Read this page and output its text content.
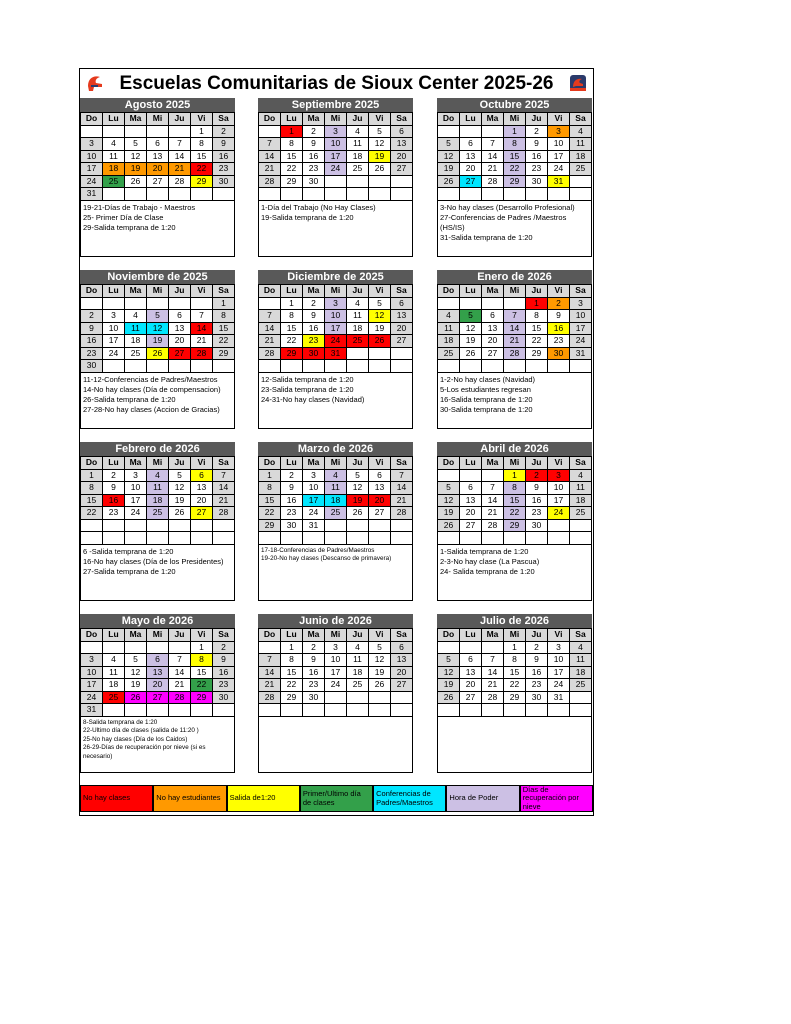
Escuelas Comunitarias de Sioux Center 2025-26
Agosto 2025
Do	Lu	Ma	Mi	Ju	Vi	Sa
					1	2
3	4	5	6	7	8	9
10	11	12	13	14	15	16
17	18	19	20	21	22	23
24	25	26	27	28	29	30
31						
19-21-Días de Trabajo - Maestros
25- Primer Día de Clase
29-Salida temprana de 1:20
Septiembre 2025
Do	Lu	Ma	Mi	Ju	Vi	Sa
	1	2	3	4	5	6
7	8	9	10	11	12	13
14	15	16	17	18	19	20
21	22	23	24	25	26	27
28	29	30				

1-Día del Trabajo (No Hay Clases)
19-Salida temprana de 1:20
Octubre 2025
Do	Lu	Ma	Mi	Ju	Vi	Sa
			1	2	3	4
5	6	7	8	9	10	11
12	13	14	15	16	17	18
19	20	21	22	23	24	25
26	27	28	29	30	31	

3-No hay clases (Desarrollo Profesional)
27-Conferencias de Padres /Maestros (HS/IS)
31-Salida temprana de 1:20
Noviembre de 2025
Do	Lu	Ma	Mi	Ju	Vi	Sa
						1
2	3	4	5	6	7	8
9	10	11	12	13	14	15
16	17	18	19	20	21	22
23	24	25	26	27	28	29
30						
11-12-Conferencias de Padres/Maestros
14-No hay clases (Día de compensacion)
26-Salida temprana de 1:20
27-28-No hay clases (Accion de Gracias)
Diciembre de 2025
Do	Lu	Ma	Mi	Ju	Vi	Sa
	1	2	3	4	5	6
7	8	9	10	11	12	13
14	15	16	17	18	19	20
21	22	23	24	25	26	27
28	29	30	31			

12-Salida temprana de 1:20
23-Salida temprana de 1:20
24-31-No hay clases (Navidad)
Enero de 2026
Do	Lu	Ma	Mi	Ju	Vi	Sa
				1	2	3
4	5	6	7	8	9	10
11	12	13	14	15	16	17
18	19	20	21	22	23	24
25	26	27	28	29	30	31

1-2-No hay clases (Navidad)
5-Los estudiantes regresan
16-Salida temprana de 1:20
30-Salida temprana de 1:20
Febrero de 2026
Do	Lu	Ma	Mi	Ju	Vi	Sa
1	2	3	4	5	6	7
8	9	10	11	12	13	14
15	16	17	18	19	20	21
22	23	24	25	26	27	28

6 -Salida temprana de 1:20
16-No hay clases (Día de los Presidentes)
27-Salida temprana de 1:20
Marzo de 2026
Do	Lu	Ma	Mi	Ju	Vi	Sa
1	2	3	4	5	6	7
8	9	10	11	12	13	14
15	16	17	18	19	20	21
22	23	24	25	26	27	28
29	30	31				

17-18-Conferencias de Padres/Maestros
19-20-No hay clases (Descanso de primavera)
Abril de 2026
Do	Lu	Ma	Mi	Ju	Vi	Sa
			1	2	3	4
5	6	7	8	9	10	11
12	13	14	15	16	17	18
19	20	21	22	23	24	25
26	27	28	29	30		

1-Salida temprana de 1:20
2-3-No hay clase (La Pascua)
24- Salida temprana de 1:20
Mayo de 2026
Do	Lu	Ma	Mi	Ju	Vi	Sa
					1	2
3	4	5	6	7	8	9
10	11	12	13	14	15	16
17	18	19	20	21	22	23
24	25	26	27	28	29	30
31						
8-Salida temprana de 1:20
22-Ultimo día de clases (salida de 11:20 )
25-No hay clases (Día de los Caidos)
26-29-Días de recuperación por nieve (si es necesario)
Junio de 2026
Do	Lu	Ma	Mi	Ju	Vi	Sa
	1	2	3	4	5	6
7	8	9	10	11	12	13
14	15	16	17	18	19	20
21	22	23	24	25	26	27
28	29	30				

Julio de 2026
Do	Lu	Ma	Mi	Ju	Vi	Sa
			1	2	3	4
5	6	7	8	9	10	11
12	13	14	15	16	17	18
19	20	21	22	23	24	25
26	27	28	29	30	31	

No hay clases	No hay estudiantes	Salida de1:20	Primer/Ultimo día de clases
Conferencias de Padres/Maestros	Hora de Poder
Días de recuperación por nieve
